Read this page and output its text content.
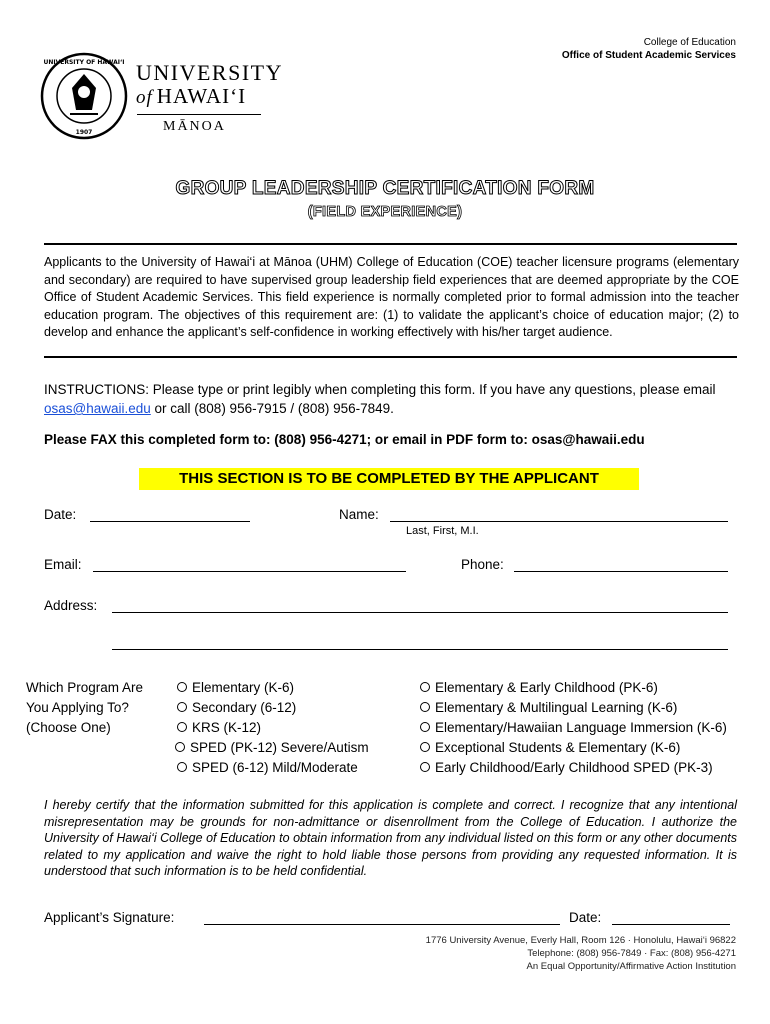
UNIVERSITY OF HAWAI‘I
1907
UNIVERSITY
of HAWAI‘I
MĀNOA
College of Education
Office of Student Academic Services
GROUP LEADERSHIP CERTIFICATION FORM
(FIELD EXPERIENCE)
Applicants to the University of Hawai‘i at Mānoa (UHM) College of Education (COE) teacher licensure programs (elementary and secondary) are required to have supervised group leadership field experiences that are deemed appropriate by the COE Office of Student Academic Services. This field experience is normally completed prior to formal admission into the teacher education program. The objectives of this requirement are: (1) to validate the applicant’s choice of education major; (2) to develop and enhance the applicant’s self-confidence in working effectively with his/her target audience.
INSTRUCTIONS: Please type or print legibly when completing this form. If you have any questions, please email osas@hawaii.edu or call (808) 956-7915 / (808) 956-7849.
Please FAX this completed form to: (808) 956-4271; or email in PDF form to: osas@hawaii.edu
THIS SECTION IS TO BE COMPLETED BY THE APPLICANT
Date:	Name:
Last, First, M.I.
Email:	Phone:
Address:
Which Program Are
You Applying To?
(Choose One)
Elementary (K-6)
Secondary (6-12)
KRS (K-12)
SPED (PK-12) Severe/Autism
SPED (6-12) Mild/Moderate
Elementary & Early Childhood (PK-6)
Elementary & Multilingual Learning (K-6)
Elementary/Hawaiian Language Immersion (K-6)
Exceptional Students & Elementary (K-6)
Early Childhood/Early Childhood SPED (PK-3)
I hereby certify that the information submitted for this application is complete and correct. I recognize that any intentional misrepresentation may be grounds for non-admittance or disenrollment from the College of Education. I authorize the University of Hawai‘i College of Education to obtain information from any individual listed on this form or any other documents related to my application and waive the right to hold liable those persons from providing any requested information. It is understood that such information is to be held confidential.
Applicant’s Signature:	Date:
1776 University Avenue, Everly Hall, Room 126 · Honolulu, Hawai‘i 96822
Telephone: (808) 956-7849 · Fax: (808) 956-4271
An Equal Opportunity/Affirmative Action Institution
